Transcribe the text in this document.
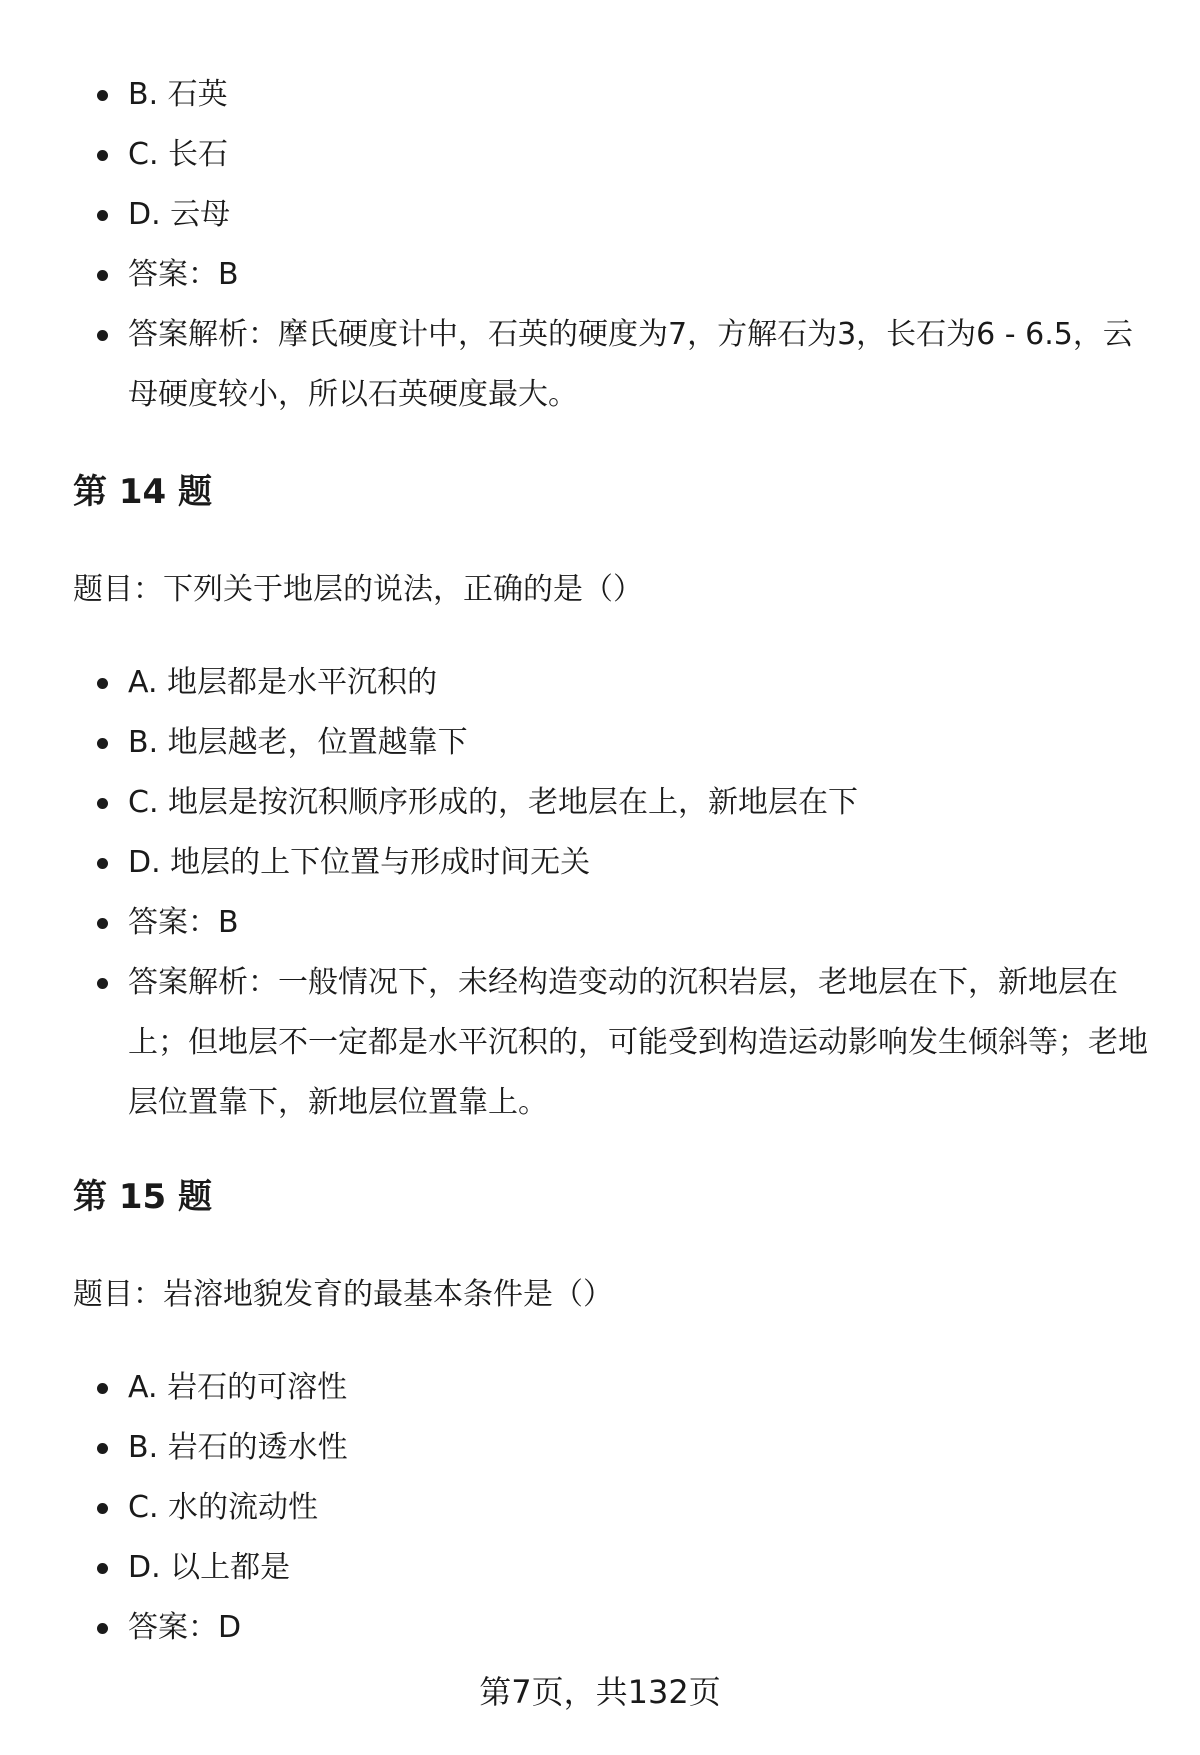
B. 石英
C. 长石
D. 云母
答案：B
答案解析：摩氏硬度计中，石英的硬度为7，方解石为3，长石为6 - 6.5，云母硬度较小，所以石英硬度最大。
第 14 题

题目：下列关于地层的说法，正确的是（）

A. 地层都是水平沉积的
B. 地层越老，位置越靠下
C. 地层是按沉积顺序形成的，老地层在上，新地层在下
D. 地层的上下位置与形成时间无关
答案：B
答案解析：一般情况下，未经构造变动的沉积岩层，老地层在下，新地层在上；但地层不一定都是水平沉积的，可能受到构造运动影响发生倾斜等；老地层位置靠下，新地层位置靠上。
第 15 题

题目：岩溶地貌发育的最基本条件是（）

A. 岩石的可溶性
B. 岩石的透水性
C. 水的流动性
D. 以上都是
答案：D
第7页，共132页
